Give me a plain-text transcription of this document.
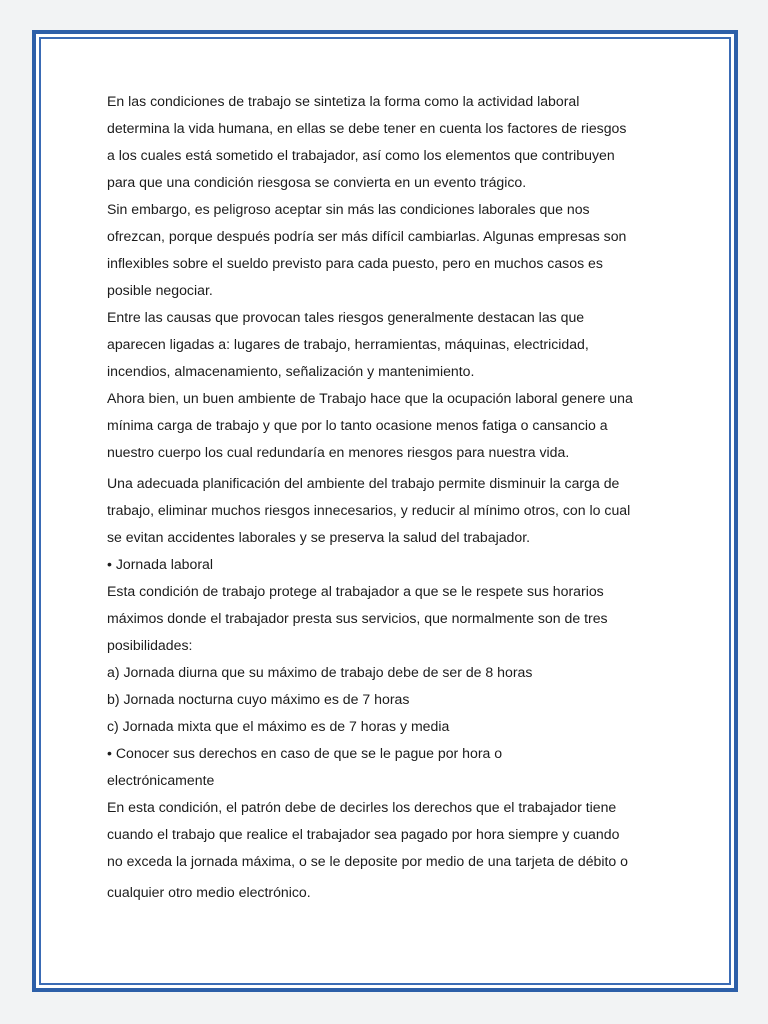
En las condiciones de trabajo se sintetiza la forma como la actividad laboral
determina la vida humana, en ellas se debe tener en cuenta los factores de riesgos
a los cuales está sometido el trabajador, así como los elementos que contribuyen
para que una condición riesgosa se convierta en un evento trágico.
Sin embargo, es peligroso aceptar sin más las condiciones laborales que nos
ofrezcan, porque después podría ser más difícil cambiarlas. Algunas empresas son
inflexibles sobre el sueldo previsto para cada puesto, pero en muchos casos es
posible negociar.
Entre las causas que provocan tales riesgos generalmente destacan las que
aparecen ligadas a: lugares de trabajo, herramientas, máquinas, electricidad,
incendios, almacenamiento, señalización y mantenimiento.
Ahora bien, un buen ambiente de Trabajo hace que la ocupación laboral genere una
mínima carga de trabajo y que por lo tanto ocasione menos fatiga o cansancio a
nuestro cuerpo los cual redundaría en menores riesgos para nuestra vida.
Una adecuada planificación del ambiente del trabajo permite disminuir la carga de
trabajo, eliminar muchos riesgos innecesarios, y reducir al mínimo otros, con lo cual
se evitan accidentes laborales y se preserva la salud del trabajador.
• Jornada laboral
Esta condición de trabajo protege al trabajador a que se le respete sus horarios
máximos donde el trabajador presta sus servicios, que normalmente son de tres
posibilidades:
a) Jornada diurna que su máximo de trabajo debe de ser de 8 horas
b) Jornada nocturna cuyo máximo es de 7 horas
c) Jornada mixta que el máximo es de 7 horas y media
• Conocer sus derechos en caso de que se le pague por hora o
electrónicamente
En esta condición, el patrón debe de decirles los derechos que el trabajador tiene
cuando el trabajo que realice el trabajador sea pagado por hora siempre y cuando
no exceda la jornada máxima, o se le deposite por medio de una tarjeta de débito o
cualquier otro medio electrónico.
